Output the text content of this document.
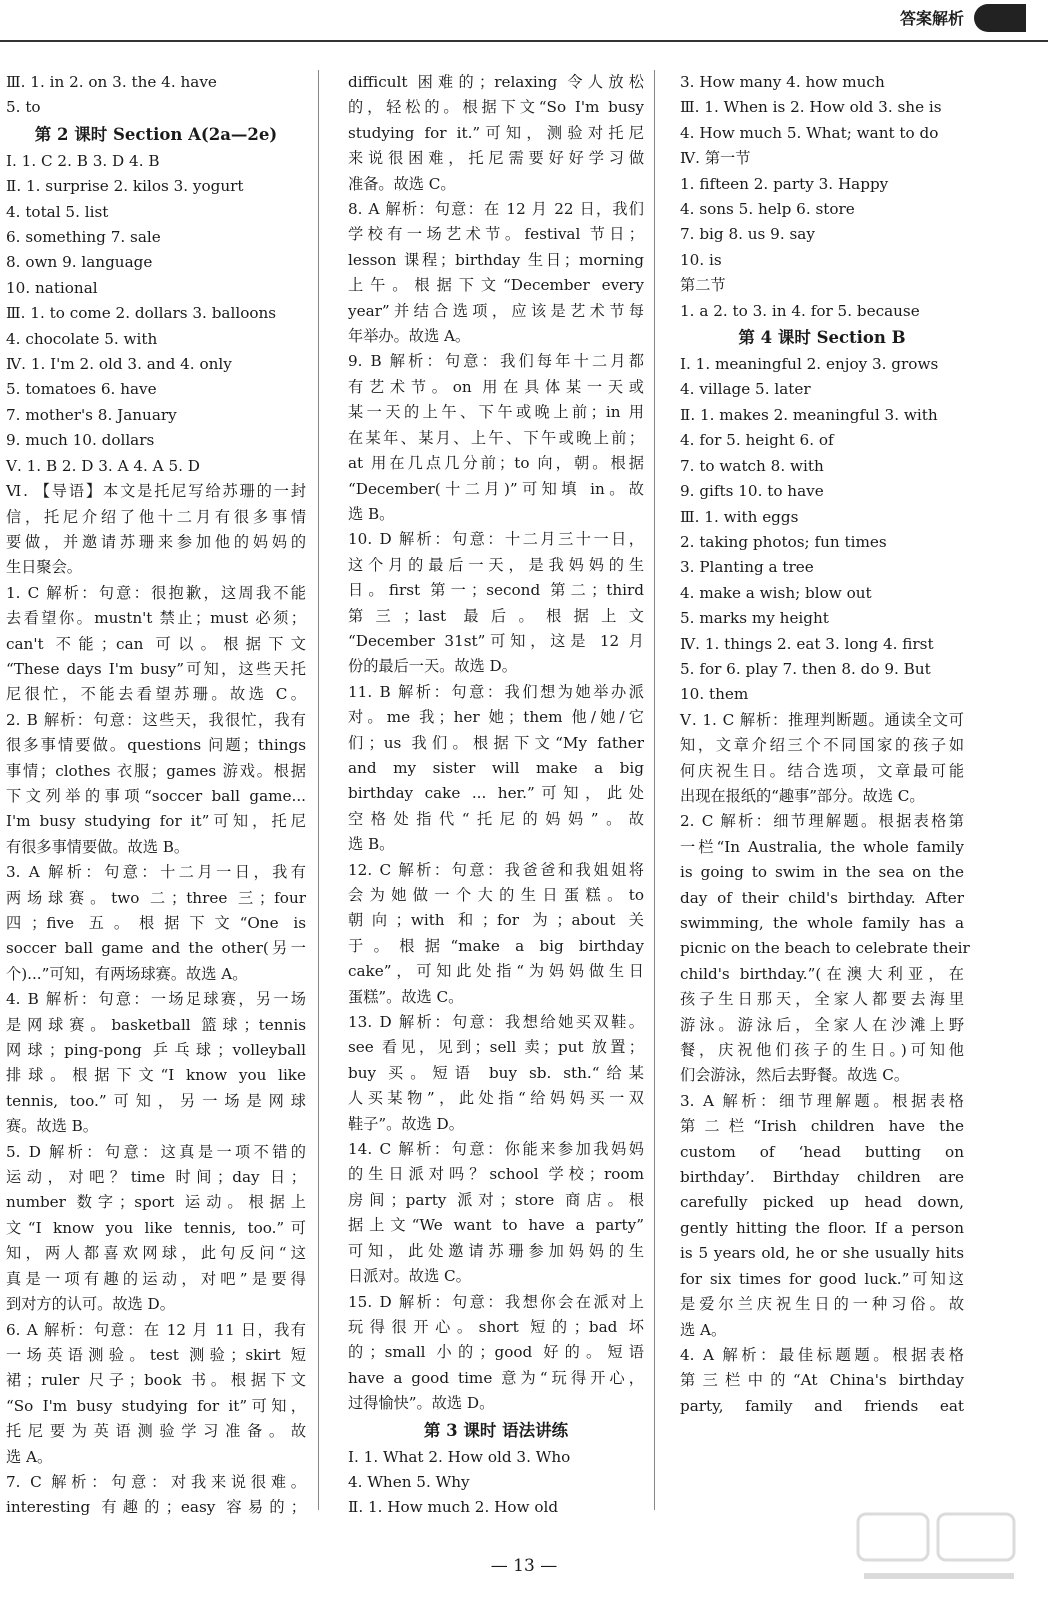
答案解析
Ⅲ. 1. in 2. on 3. the 4. have
5. to
第 2 课时 Section A(2a—2e)
Ⅰ. 1. C 2. B 3. D 4. B
Ⅱ. 1. surprise 2. kilos 3. yogurt
4. total 5. list
6. something 7. sale
8. own 9. language
10. national
Ⅲ. 1. to come 2. dollars 3. balloons
4. chocolate 5. with
Ⅳ. 1. I'm 2. old 3. and 4. only
5. tomatoes 6. have
7. mother's 8. January
9. much 10. dollars
Ⅴ. 1. B 2. D 3. A 4. A 5. D
Ⅵ. 【导语】本文是托尼写给苏珊的一封
信，托尼介绍了他十二月有很多事情
要做，并邀请苏珊来参加他的妈妈的
生日聚会。
1. C 解析：句意：很抱歉，这周我不能
去看望你。mustn't 禁止；must 必须；
can't 不能；can 可以。根据下文
“These days I'm busy”可知，这些天托
尼很忙，不能去看望苏珊。故选 C。
2. B 解析：句意：这些天，我很忙，我有
很多事情要做。questions 问题；things
事情；clothes 衣服；games 游戏。根据
下文列举的事项“soccer ball game...
I'm busy studying for it”可知，托尼
有很多事情要做。故选 B。
3. A 解析：句意：十二月一日，我有
两场球赛。two 二；three 三；four
四；five 五。根据下文“One is
soccer ball game and the other(另一
个)...”可知，有两场球赛。故选 A。
4. B 解析：句意：一场足球赛，另一场
是网球赛。basketball 篮球；tennis
网球；ping-pong 乒乓球；volleyball
排球。根据下文“I know you like
tennis, too.”可知，另一场是网球
赛。故选 B。
5. D 解析：句意：这真是一项不错的
运动，对吧？time 时间；day 日；
number 数字；sport 运动。根据上
文“I know you like tennis, too.”可
知，两人都喜欢网球，此句反问“这
真是一项有趣的运动，对吧”是要得
到对方的认可。故选 D。
6. A 解析：句意：在 12 月 11 日，我有
一场英语测验。test 测验；skirt 短
裙；ruler 尺子；book 书。根据下文
“So I'm busy studying for it”可知，
托尼要为英语测验学习准备。故
选 A。
7. C 解析：句意：对我来说很难。
interesting 有趣的；easy 容易的；
difficult 困难的；relaxing 令人放松
的，轻松的。根据下文“So I'm busy
studying for it.”可知，测验对托尼
来说很困难，托尼需要好好学习做
准备。故选 C。
8. A 解析：句意：在 12 月 22 日，我们
学校有一场艺术节。festival 节日；
lesson 课程；birthday 生日；morning
上午。根据下文“December every
year”并结合选项，应该是艺术节每
年举办。故选 A。
9. B 解析：句意：我们每年十二月都
有艺术节。on 用在具体某一天或
某一天的上午、下午或晚上前；in 用
在某年、某月、上午、下午或晚上前；
at 用在几点几分前；to 向，朝。根据
“December(十二月)”可知填 in。故
选 B。
10. D 解析：句意：十二月三十一日，
这个月的最后一天，是我妈妈的生
日。first 第一；second 第二；third
第三；last 最后。根据上文
“December 31st”可知，这是 12 月
份的最后一天。故选 D。
11. B 解析：句意：我们想为她举办派
对。me 我；her 她；them 他/她/它
们；us 我们。根据下文“My father
and my sister will make a big
birthday cake ... her.”可知，此处
空格处指代“托尼的妈妈”。故
选 B。
12. C 解析：句意：我爸爸和我姐姐将
会为她做一个大的生日蛋糕。to
朝向；with 和；for 为；about 关
于。根据“make a big birthday
cake”，可知此处指“为妈妈做生日
蛋糕”。故选 C。
13. D 解析：句意：我想给她买双鞋。
see 看见，见到；sell 卖；put 放置；
buy 买。短语 buy sb. sth.“给某
人买某物”，此处指“给妈妈买一双
鞋子”。故选 D。
14. C 解析：句意：你能来参加我妈妈
的生日派对吗？school 学校；room
房间；party 派对；store 商店。根
据上文“We want to have a party”
可知，此处邀请苏珊参加妈妈的生
日派对。故选 C。
15. D 解析：句意：我想你会在派对上
玩得很开心。short 短的；bad 坏
的；small 小的；good 好的。短语
have a good time 意为“玩得开心，
过得愉快”。故选 D。
第 3 课时 语法讲练
Ⅰ. 1. What 2. How old 3. Who
4. When 5. Why
Ⅱ. 1. How much 2. How old
3. How many 4. how much
Ⅲ. 1. When is 2. How old 3. she is
4. How much 5. What; want to do
Ⅳ. 第一节
1. fifteen 2. party 3. Happy
4. sons 5. help 6. store
7. big 8. us 9. say
10. is
第二节
1. a 2. to 3. in 4. for 5. because
第 4 课时 Section B
Ⅰ. 1. meaningful 2. enjoy 3. grows
4. village 5. later
Ⅱ. 1. makes 2. meaningful 3. with
4. for 5. height 6. of
7. to watch 8. with
9. gifts 10. to have
Ⅲ. 1. with eggs
2. taking photos; fun times
3. Planting a tree
4. make a wish; blow out
5. marks my height
Ⅳ. 1. things 2. eat 3. long 4. first
5. for 6. play 7. then 8. do 9. But
10. them
Ⅴ. 1. C 解析：推理判断题。通读全文可
知，文章介绍三个不同国家的孩子如
何庆祝生日。结合选项，文章最可能
出现在报纸的“趣事”部分。故选 C。
2. C 解析：细节理解题。根据表格第
一栏“In Australia, the whole family
is going to swim in the sea on the
day of their child's birthday. After
swimming, the whole family has a
picnic on the beach to celebrate their
child's birthday.”(在澳大利亚，在
孩子生日那天，全家人都要去海里
游泳。游泳后，全家人在沙滩上野
餐，庆祝他们孩子的生日。)可知他
们会游泳，然后去野餐。故选 C。
3. A 解析：细节理解题。根据表格
第二栏“Irish children have the
custom of ‘head butting on
birthday’. Birthday children are
carefully picked up head down,
gently hitting the floor. If a person
is 5 years old, he or she usually hits
for six times for good luck.”可知这
是爱尔兰庆祝生日的一种习俗。故
选 A。
4. A 解析：最佳标题题。根据表格
第三栏中的“At China's birthday
party, family and friends eat
— 13 —
